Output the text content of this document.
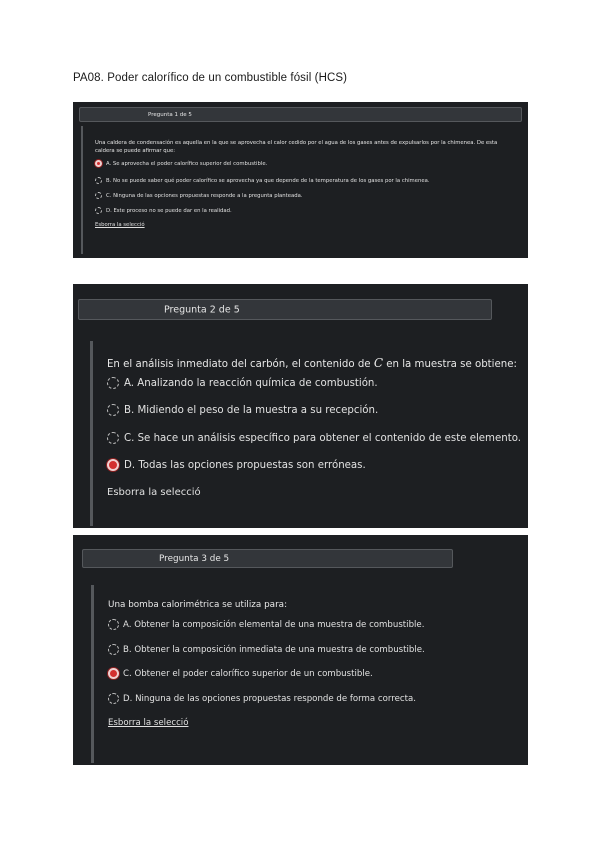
PA08. Poder calorífico de un combustible fósil (HCS)
Pregunta 1 de 5
Una caldera de condensación es aquella en la que se aprovecha el calor cedido por el agua de los gases antes de expulsarlos por la chimenea. De esta caldera se puede afirmar que:
A. Se aprovecha el poder calorífico superior del combustible.
B. No se puede saber qué poder calorífico se aprovecha ya que depende de la temperatura de los gases por la chimenea.
C. Ninguna de las opciones propuestas responde a la pregunta planteada.
D. Este proceso no se puede dar en la realidad.
Esborra la selecció
Pregunta 2 de 5
En el análisis inmediato del carbón, el contenido de C en la muestra se obtiene:
A. Analizando la reacción química de combustión.
B. Midiendo el peso de la muestra a su recepción.
C. Se hace un análisis específico para obtener el contenido de este elemento.
D. Todas las opciones propuestas son erróneas.
Esborra la selecció
Pregunta 3 de 5
Una bomba calorimétrica se utiliza para:
A. Obtener la composición elemental de una muestra de combustible.
B. Obtener la composición inmediata de una muestra de combustible.
C. Obtener el poder calorífico superior de un combustible.
D. Ninguna de las opciones propuestas responde de forma correcta.
Esborra la selecció
